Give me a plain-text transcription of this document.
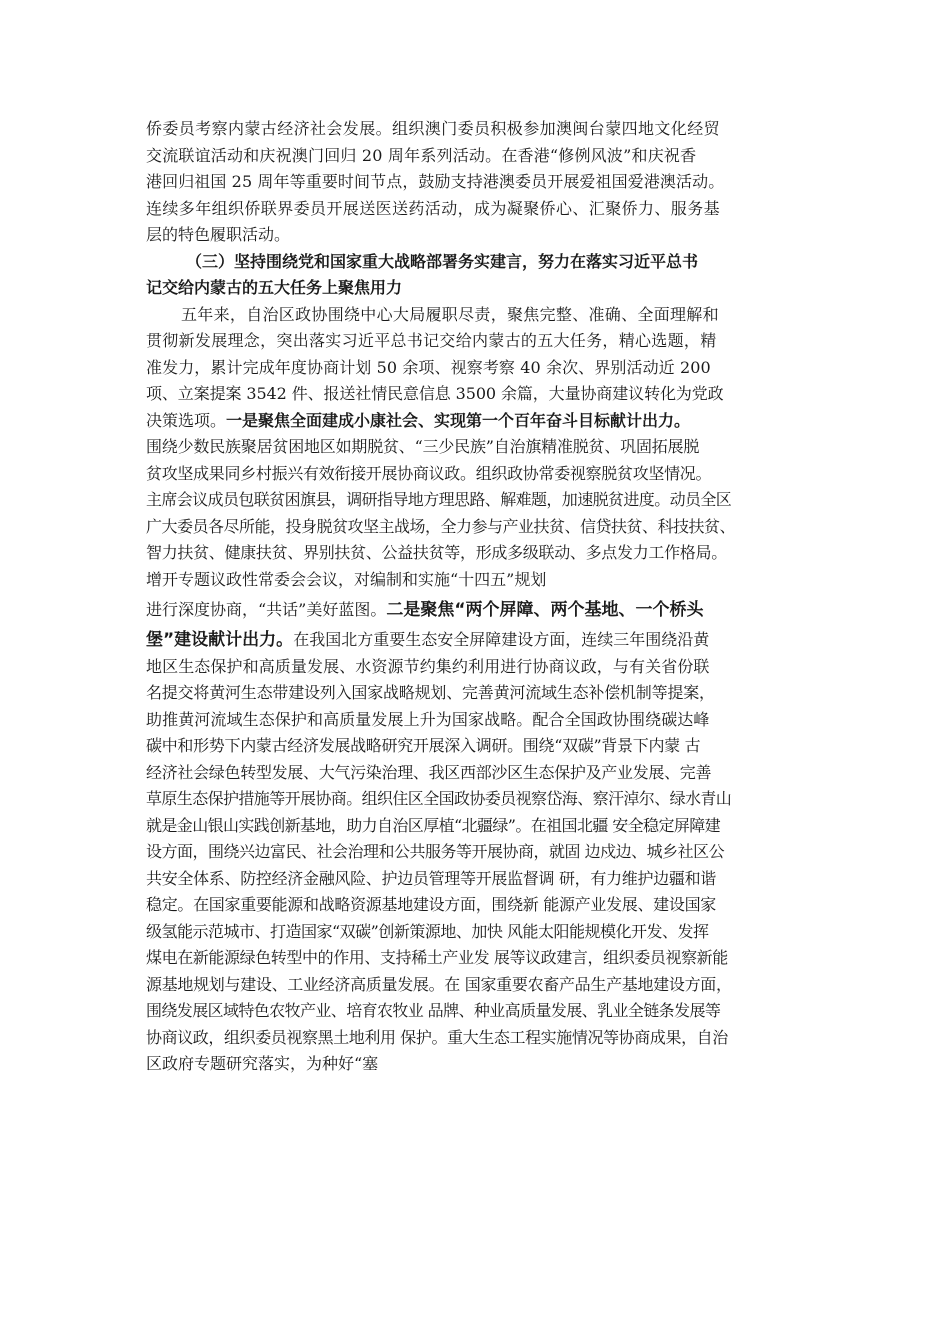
侨委员考察内蒙古经济社会发展。组织澳门委员积极参加澳闽台蒙四地文化经贸
交流联谊活动和庆祝澳门回归 20 周年系列活动。在香港“修例风波”和庆祝香
港回归祖国 25 周年等重要时间节点，鼓励支持港澳委员开展爱祖国爱港澳活动。
连续多年组织侨联界委员开展送医送药活动，成为凝聚侨心、汇聚侨力、服务基
层的特色履职活动。
（三）坚持围绕党和国家重大战略部署务实建言，努力在落实习近平总书
记交给内蒙古的五大任务上聚焦用力
五年来，自治区政协围绕中心大局履职尽责，聚焦完整、准确、全面理解和
贯彻新发展理念，突出落实习近平总书记交给内蒙古的五大任务，精心选题，精
准发力，累计完成年度协商计划 50 余项、视察考察 40 余次、界别活动近 200
项、立案提案 3542 件、报送社情民意信息 3500 余篇，大量协商建议转化为党政
决策选项。一是聚焦全面建成小康社会、实现第一个百年奋斗目标献计出力。
围绕少数民族聚居贫困地区如期脱贫、“三少民族”自治旗精准脱贫、巩固拓展脱
贫攻坚成果同乡村振兴有效衔接开展协商议政。组织政协常委视察脱贫攻坚情况。
主席会议成员包联贫困旗县，调研指导地方理思路、解难题，加速脱贫进度。动员全区
广大委员各尽所能，投身脱贫攻坚主战场，全力参与产业扶贫、信贷扶贫、科技扶贫、
智力扶贫、健康扶贫、界别扶贫、公益扶贫等，形成多级联动、多点发力工作格局。
增开专题议政性常委会会议，对编制和实施“十四五”规划
进行深度协商，“共话”美好蓝图。二是聚焦“两个屏障、两个基地、一个桥头
堡”建设献计出力。在我国北方重要生态安全屏障建设方面，连续三年围绕沿黄
地区生态保护和高质量发展、水资源节约集约利用进行协商议政，与有关省份联
名提交将黄河生态带建设列入国家战略规划、完善黄河流域生态补偿机制等提案，
助推黄河流域生态保护和高质量发展上升为国家战略。配合全国政协围绕碳达峰
碳中和形势下内蒙古经济发展战略研究开展深入调研。围绕“双碳”背景下内蒙 古
经济社会绿色转型发展、大气污染治理、我区西部沙区生态保护及产业发展、完善
草原生态保护措施等开展协商。组织住区全国政协委员视察岱海、察汗淖尔、绿水青山
就是金山银山实践创新基地，助力自治区厚植“北疆绿”。在祖国北疆 安全稳定屏障建
设方面，围绕兴边富民、社会治理和公共服务等开展协商，就固 边戍边、城乡社区公
共安全体系、防控经济金融风险、护边员管理等开展监督调 研，有力维护边疆和谐
稳定。在国家重要能源和战略资源基地建设方面，围绕新 能源产业发展、建设国家
级氢能示范城市、打造国家“双碳”创新策源地、加快 风能太阳能规模化开发、发挥
煤电在新能源绿色转型中的作用、支持稀土产业发 展等议政建言，组织委员视察新能
源基地规划与建设、工业经济高质量发展。在 国家重要农畜产品生产基地建设方面，
围绕发展区域特色农牧产业、培育农牧业 品牌、种业高质量发展、乳业全链条发展等
协商议政，组织委员视察黑土地利用 保护。重大生态工程实施情况等协商成果，自治
区政府专题研究落实，为种好“塞
